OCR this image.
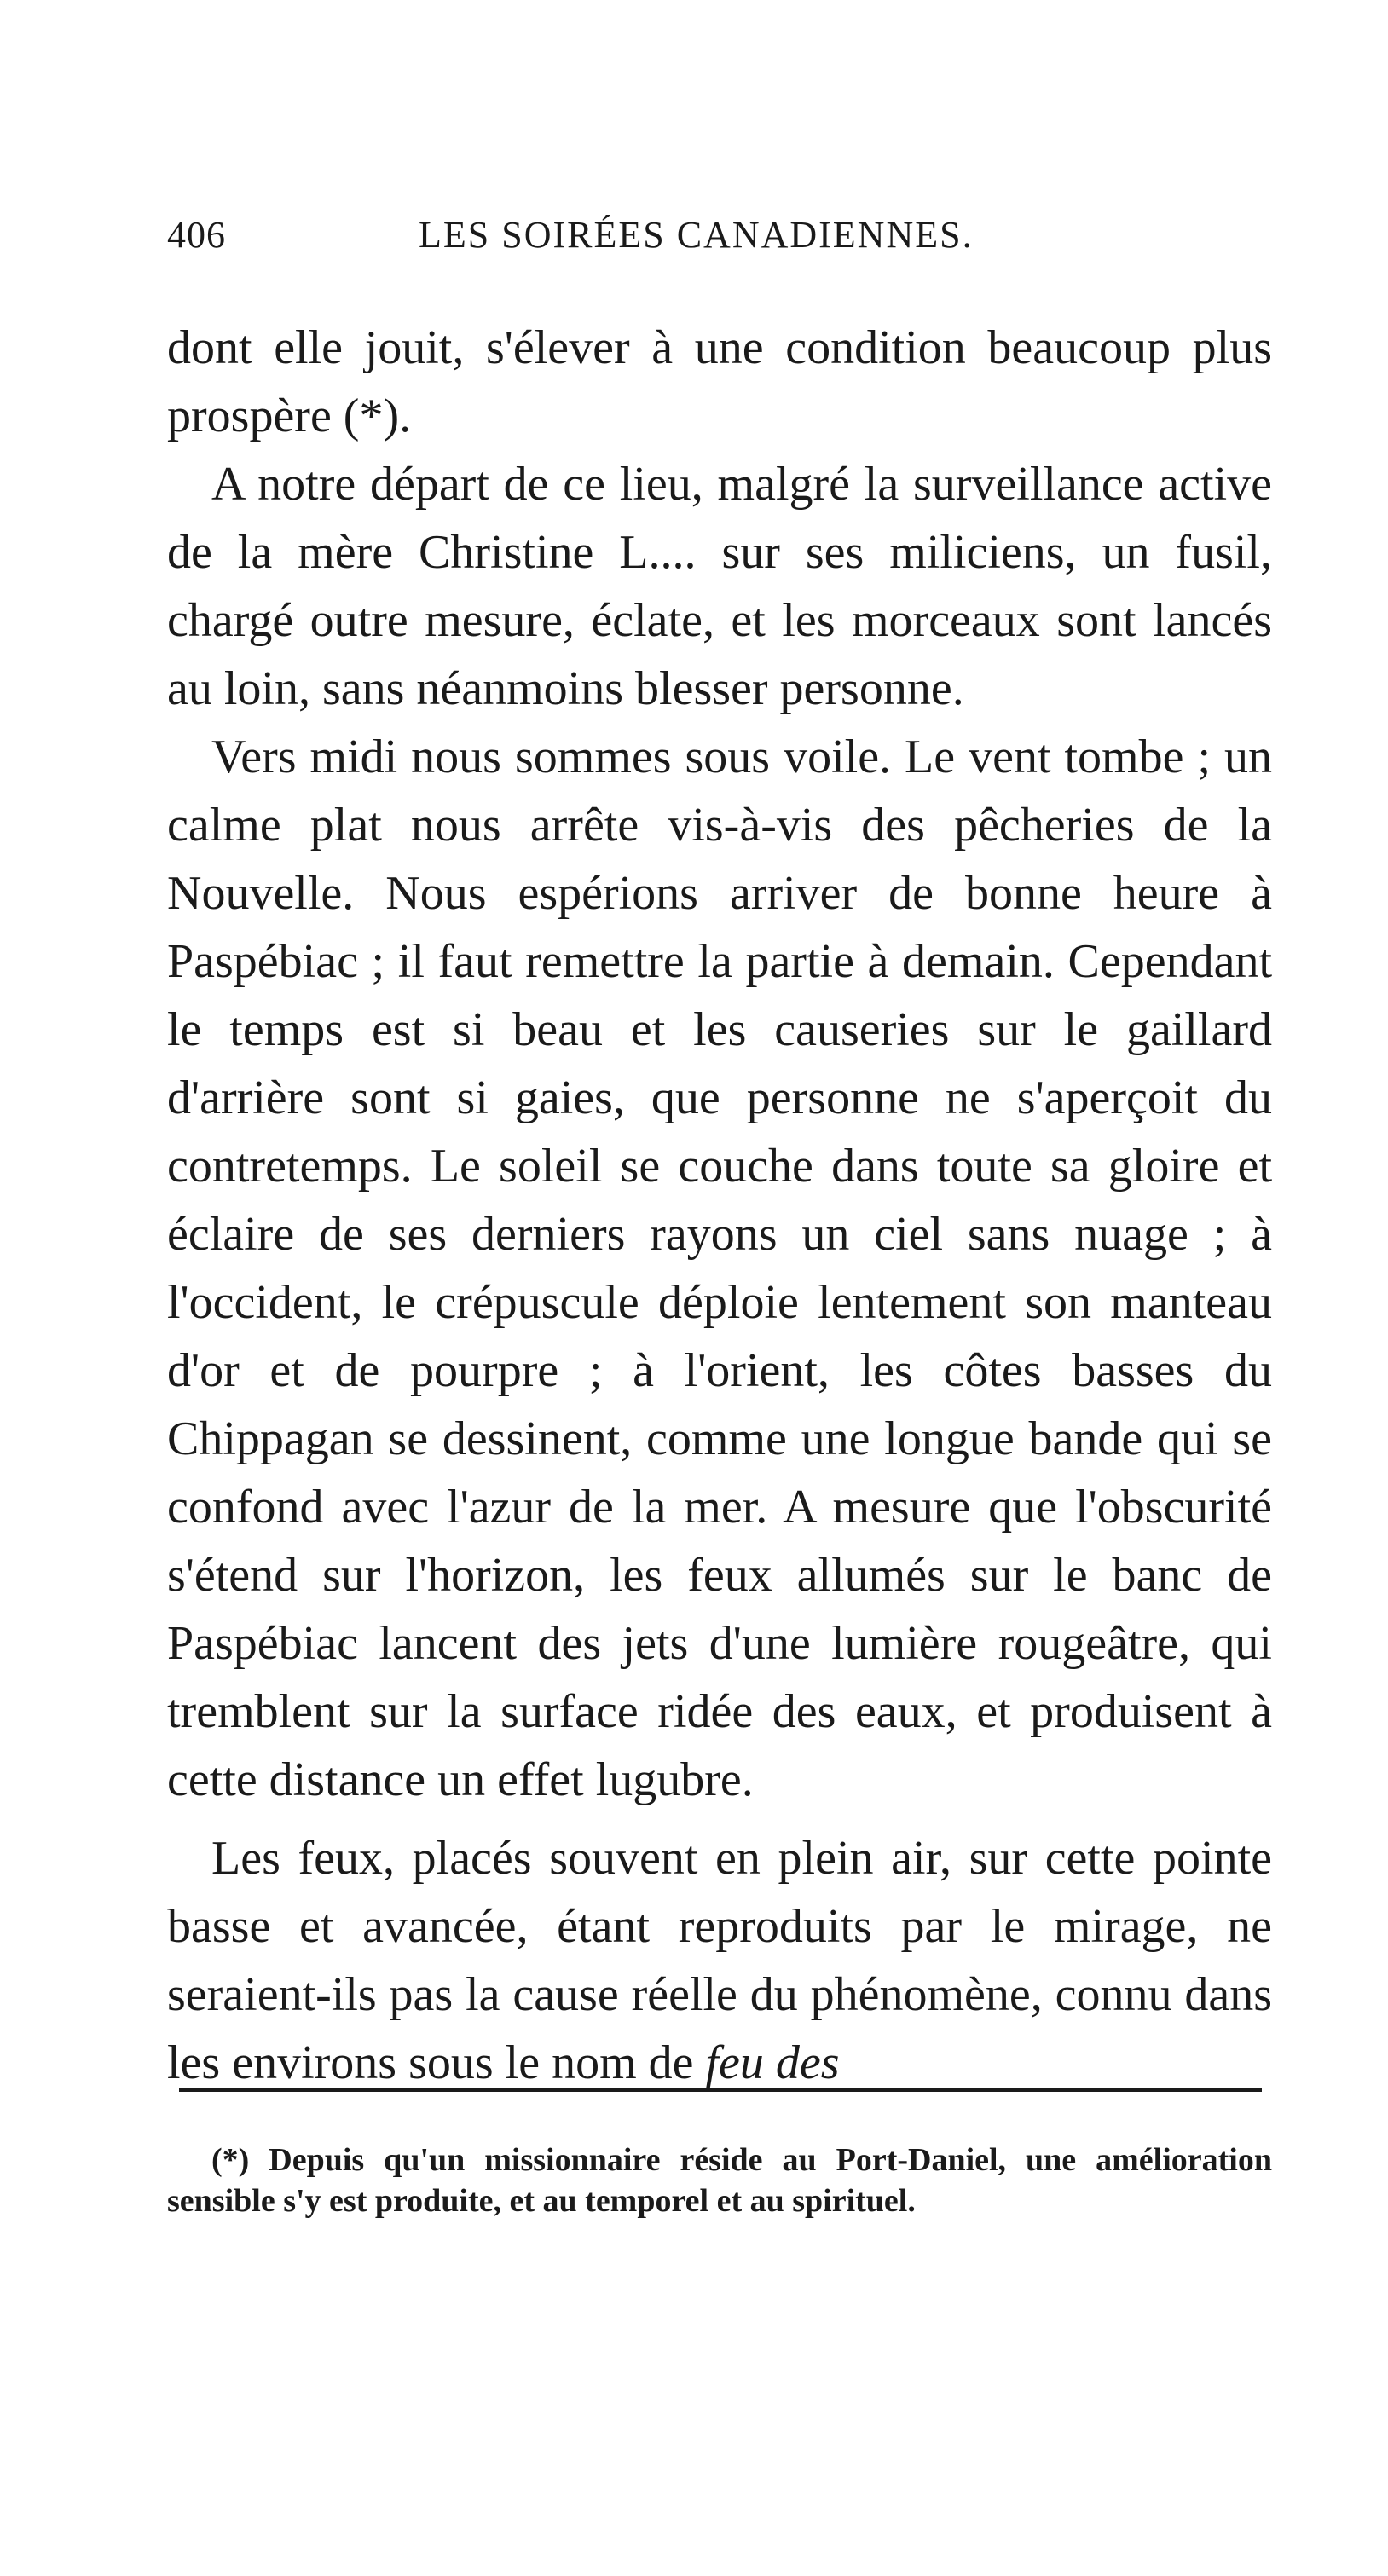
406	LES SOIRÉES CANADIENNES.

dont elle jouit, s'élever à une condition beaucoup plus prospère (*).

A notre départ de ce lieu, malgré la surveillance active de la mère Christine L.... sur ses miliciens, un fusil, chargé outre mesure, éclate, et les morceaux sont lancés au loin, sans néanmoins blesser personne.

Vers midi nous sommes sous voile. Le vent tombe ; un calme plat nous arrête vis-à-vis des pêcheries de la Nouvelle. Nous espérions arriver de bonne heure à Paspébiac ; il faut remettre la partie à demain. Cependant le temps est si beau et les causeries sur le gaillard d'arrière sont si gaies, que personne ne s'aperçoit du contretemps. Le soleil se couche dans toute sa gloire et éclaire de ses derniers rayons un ciel sans nuage ; à l'occident, le crépuscule déploie lentement son manteau d'or et de pourpre ; à l'orient, les côtes basses du Chippagan se dessinent, comme une longue bande qui se confond avec l'azur de la mer. A mesure que l'obscurité s'étend sur l'horizon, les feux allumés sur le banc de Paspébiac lancent des jets d'une lumière rougeâtre, qui tremblent sur la surface ridée des eaux, et produisent à cette distance un effet lugubre.

Les feux, placés souvent en plein air, sur cette pointe basse et avancée, étant reproduits par le mirage, ne seraient-ils pas la cause réelle du phénomène, connu dans les environs sous le nom de feu des

(*) Depuis qu'un missionnaire réside au Port-Daniel, une amélioration sensible s'y est produite, et au temporel et au spirituel.
